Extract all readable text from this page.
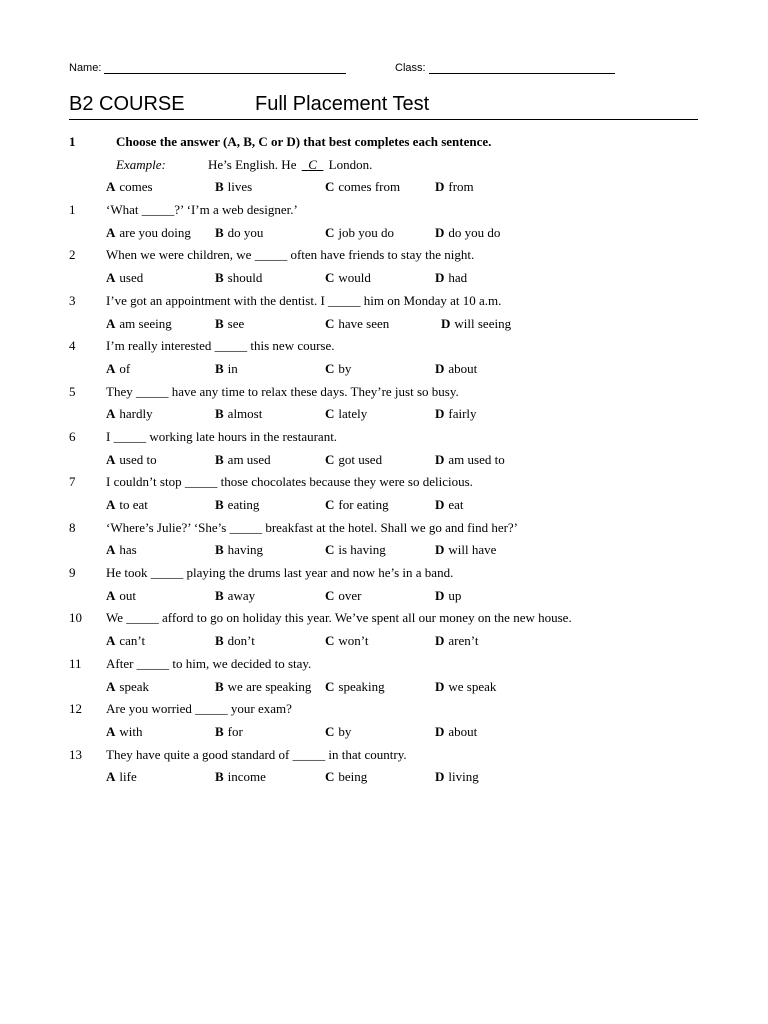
Name:	Class:
B2 COURSE	Full Placement Test
1	Choose the answer (A, B, C or D) that best completes each sentence.
Example:	He’s English. He   C   London.
A comes	B lives	C comes from	D from
1 ‘What _____?’ ‘I’m a web designer.’
A are you doing B do you	C job you do	D do you do
2 When we were children, we _____ often have friends to stay the night.
A used	B should	C would	D had
3 I’ve got an appointment with the dentist. I _____ him on Monday at 10 a.m.
A am seeing	B see	C have seen	D will seeing
4 I’m really interested _____ this new course.
A of	B in	C by	D about
5 They _____ have any time to relax these days. They’re just so busy.
A hardly	B almost	C lately	D fairly
6 I _____ working late hours in the restaurant.
A used to	B am used	C got used	D am used to
7 I couldn’t stop _____ those chocolates because they were so delicious.
A to eat	B eating	C for eating	D eat
8 ‘Where’s Julie?’ ‘She’s _____ breakfast at the hotel. Shall we go and find her?’
A has	B having	C is having	D will have
9 He took _____ playing the drums last year and now he’s in a band.
A out	B away	C over	D up
10 We _____ afford to go on holiday this year. We’ve spent all our money on the new house.
A can’t	B don’t	C won’t	D aren’t
11 After _____ to him, we decided to stay.
A speak	B we are speaking C speaking	D we speak
12 Are you worried _____ your exam?
A with	B for	C by	D about
13 They have quite a good standard of _____ in that country.
A life	B income	C being	D living
